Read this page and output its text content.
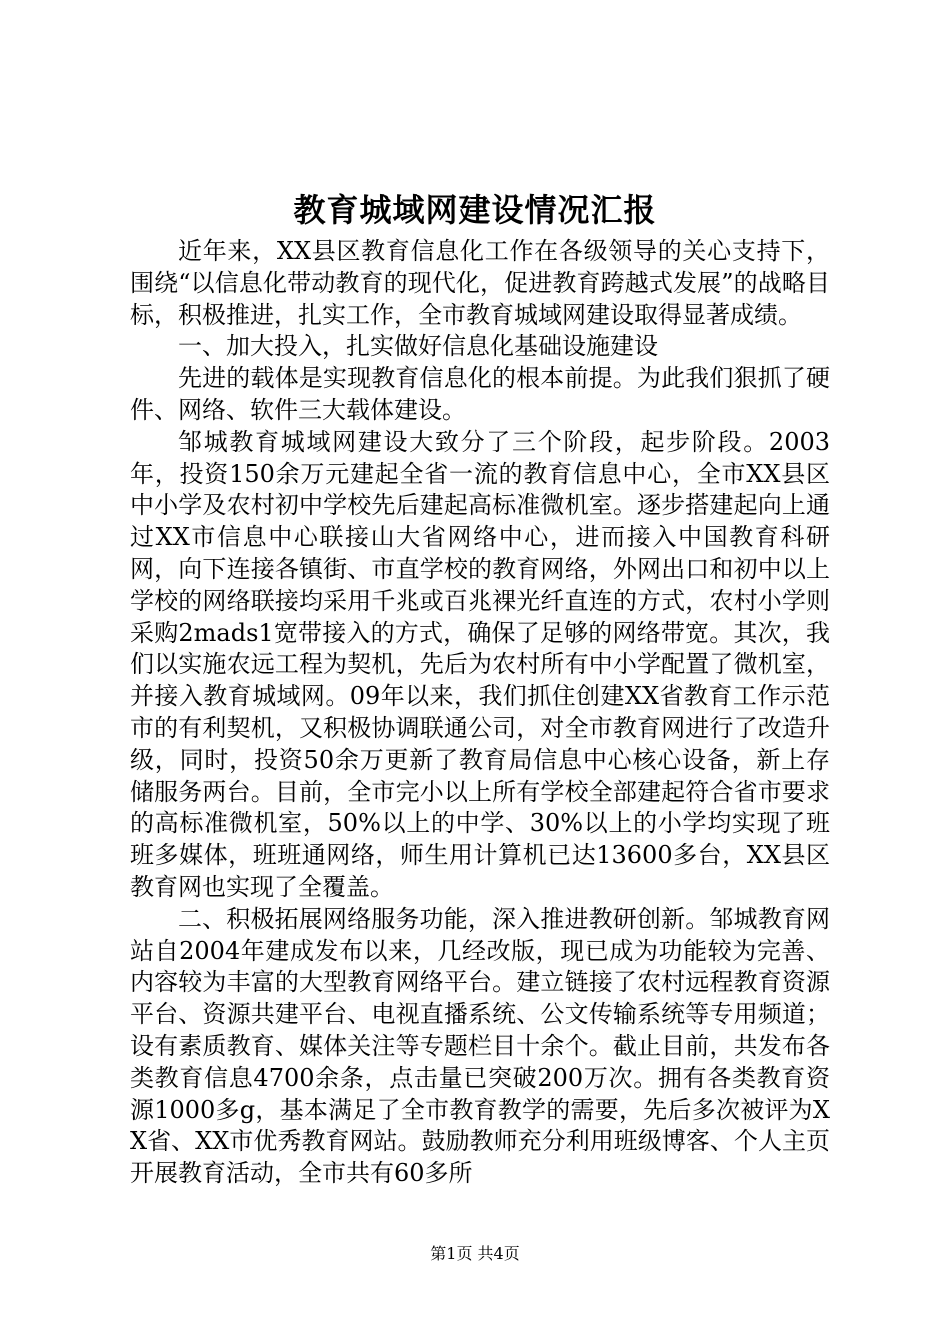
教育城域网建设情况汇报

近年来，XX县区教育信息化工作在各级领导的关心支持下，围绕“以信息化带动教育的现代化，促进教育跨越式发展”的战略目标，积极推进，扎实工作，全市教育城域网建设取得显著成绩。

一、加大投入，扎实做好信息化基础设施建设

先进的载体是实现教育信息化的根本前提。为此我们狠抓了硬件、网络、软件三大载体建设。

邹城教育城域网建设大致分了三个阶段，起步阶段。2003年，投资150余万元建起全省一流的教育信息中心，全市XX县区中小学及农村初中学校先后建起高标准微机室。逐步搭建起向上通过XX市信息中心联接山大省网络中心，进而接入中国教育科研网，向下连接各镇街、市直学校的教育网络，外网出口和初中以上学校的网络联接均采用千兆或百兆裸光纤直连的方式，农村小学则采购2mads1宽带接入的方式，确保了足够的网络带宽。其次，我们以实施农远工程为契机，先后为农村所有中小学配置了微机室，并接入教育城域网。09年以来，我们抓住创建XX省教育工作示范市的有利契机，又积极协调联通公司，对全市教育网进行了改造升级，同时，投资50余万更新了教育局信息中心核心设备，新上存储服务两台。目前，全市完小以上所有学校全部建起符合省市要求的高标准微机室，50%以上的中学、30%以上的小学均实现了班班多媒体，班班通网络，师生用计算机已达13600多台，XX县区教育网也实现了全覆盖。

二、积极拓展网络服务功能，深入推进教研创新。邹城教育网站自2004年建成发布以来，几经改版，现已成为功能较为完善、内容较为丰富的大型教育网络平台。建立链接了农村远程教育资源平台、资源共建平台、电视直播系统、公文传输系统等专用频道；设有素质教育、媒体关注等专题栏目十余个。截止目前，共发布各类教育信息4700余条，点击量已突破200万次。拥有各类教育资源1000多g，基本满足了全市教育教学的需要，先后多次被评为XX省、XX市优秀教育网站。鼓励教师充分利用班级博客、个人主页开展教育活动，全市共有60多所

第1页 共4页
